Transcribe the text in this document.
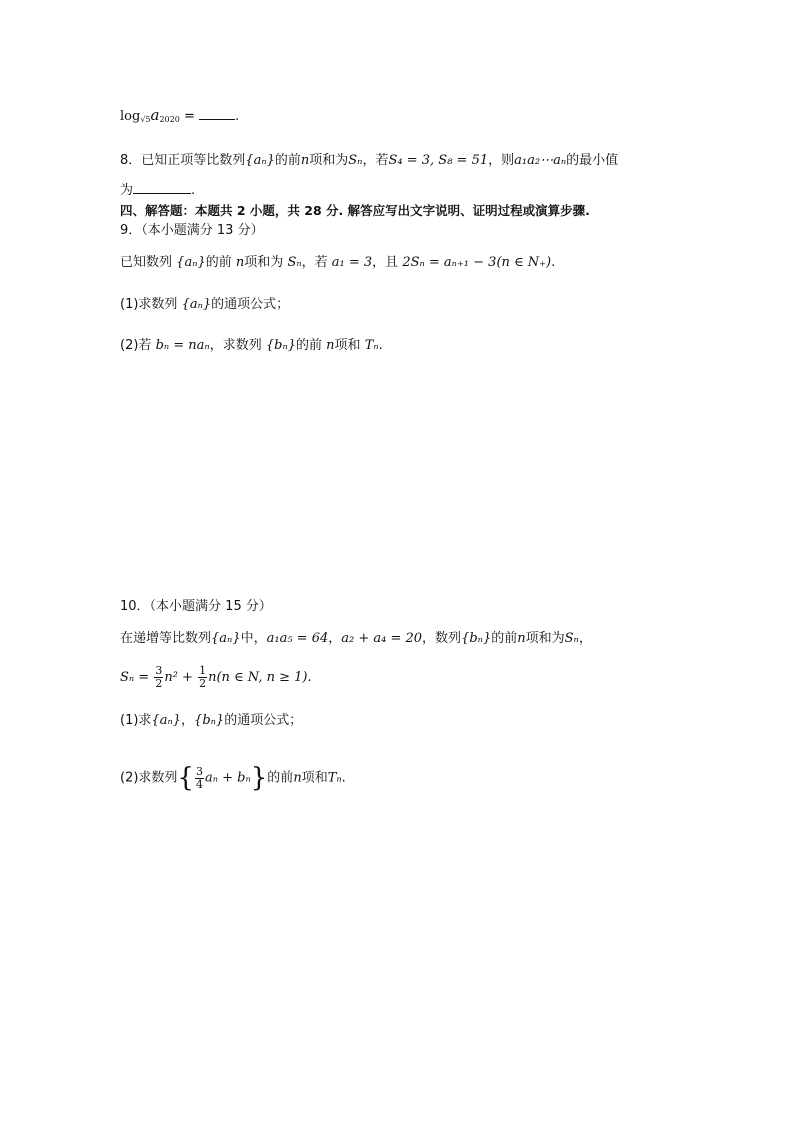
$\log_{√5}a_{2020}$ =	.
8．已知正项等比数列{aₙ}的前n项和为Sₙ，若S₄ = 3, S₈ = 51，则a₁a₂⋯aₙ的最小值
为	.
四、解答题：本题共 2 小题，共 28 分. 解答应写出文字说明、证明过程或演算步骤.
9．（本小题满分 13 分）
已知数列 {aₙ}的前 n项和为 Sₙ，若 a₁ = 3，且 2Sₙ = aₙ₊₁ − 3(n ∈ N₊).
(1)求数列 {aₙ}的通项公式；
(2)若 bₙ = naₙ，求数列 {bₙ}的前 n项和 Tₙ.
10．（本小题满分 15 分）
在递增等比数列{aₙ}中，a₁a₅ = 64，a₂ + a₄ = 20，数列{bₙ}的前n项和为Sₙ，
$S_n = \frac{3}{2} n^2 + \frac{1}{2} n(n$ ∈ N, n ≥ 1).
(1)求{aₙ}，{bₙ}的通项公式；
(2)求数列{ $\frac{3}{4}$ aₙ + bₙ}的前n项和Tₙ.
